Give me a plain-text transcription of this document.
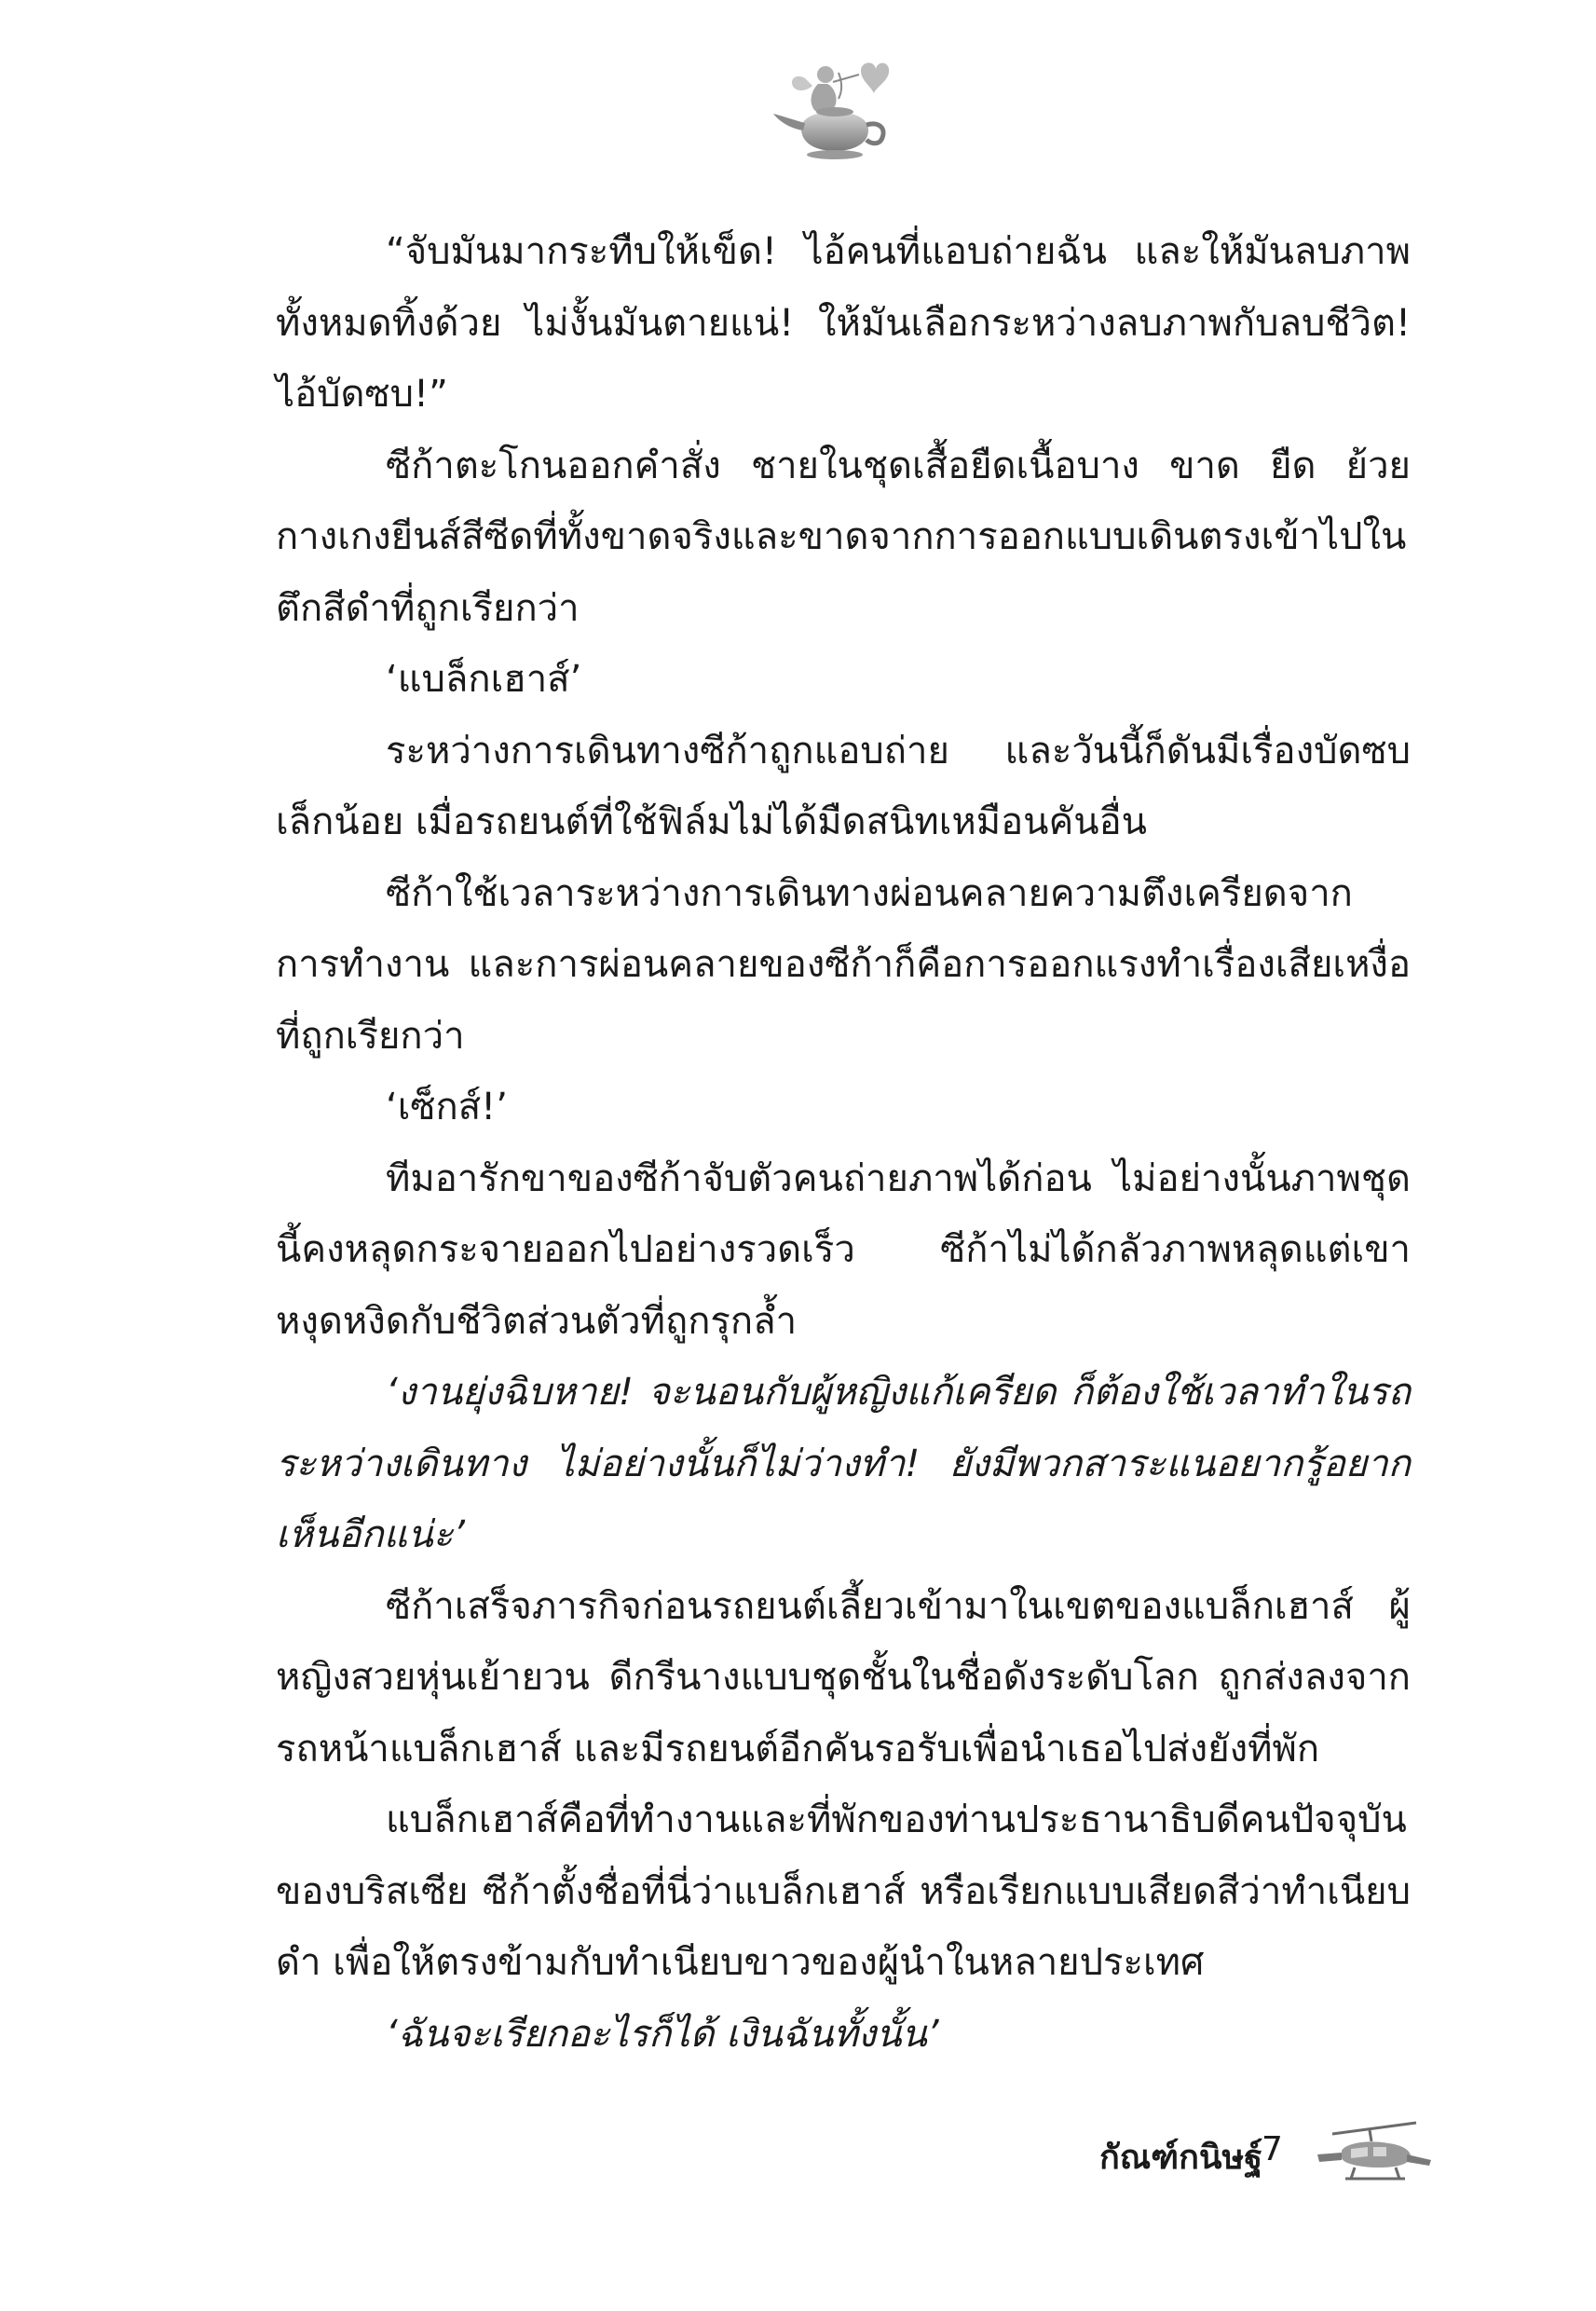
“จับมันมากระทืบให้เข็ด! ไอ้คนที่แอบถ่ายฉัน และให้มันลบภาพทั้งหมดทิ้งด้วย ไม่งั้นมันตายแน่! ให้มันเลือกระหว่างลบภาพกับลบชีวิต! ไอ้บัดซบ!”

ซีก้าตะโกนออกคำสั่ง ชายในชุดเสื้อยืดเนื้อบาง ขาด ยืด ย้วย กางเกงยีนส์สีซีดที่ทั้งขาดจริงและขาดจากการออกแบบเดินตรงเข้าไปในตึกสีดำที่ถูกเรียกว่า

‘แบล็กเฮาส์’

ระหว่างการเดินทางซีก้าถูกแอบถ่าย และวันนี้ก็ดันมีเรื่องบัดซบเล็กน้อย เมื่อรถยนต์ที่ใช้ฟิล์มไม่ได้มืดสนิทเหมือนคันอื่น

ซีก้าใช้เวลาระหว่างการเดินทางผ่อนคลายความตึงเครียดจากการทำงาน และการผ่อนคลายของซีก้าก็คือการออกแรงทำเรื่องเสียเหงื่อที่ถูกเรียกว่า

‘เซ็กส์!’

ทีมอารักขาของซีก้าจับตัวคนถ่ายภาพได้ก่อน ไม่อย่างนั้นภาพชุดนี้คงหลุดกระจายออกไปอย่างรวดเร็ว ซีก้าไม่ได้กลัวภาพหลุดแต่เขาหงุดหงิดกับชีวิตส่วนตัวที่ถูกรุกล้ำ

‘งานยุ่งฉิบหาย! จะนอนกับผู้หญิงแก้เครียด ก็ต้องใช้เวลาทำในรถระหว่างเดินทาง ไม่อย่างนั้นก็ไม่ว่างทำ! ยังมีพวกสาระแนอยากรู้อยากเห็นอีกแน่ะ’

ซีก้าเสร็จภารกิจก่อนรถยนต์เลี้ยวเข้ามาในเขตของแบล็กเฮาส์ ผู้หญิงสวยหุ่นเย้ายวน ดีกรีนางแบบชุดชั้นในชื่อดังระดับโลก ถูกส่งลงจากรถหน้าแบล็กเฮาส์ และมีรถยนต์อีกคันรอรับเพื่อนำเธอไปส่งยังที่พัก

แบล็กเฮาส์คือที่ทำงานและที่พักของท่านประธานาธิบดีคนปัจจุบันของบริสเซีย ซีก้าตั้งชื่อที่นี่ว่าแบล็กเฮาส์ หรือเรียกแบบเสียดสีว่าทำเนียบดำ เพื่อให้ตรงข้ามกับทำเนียบขาวของผู้นำในหลายประเทศ

‘ฉันจะเรียกอะไรก็ได้ เงินฉันทั้งนั้น’

กัณฑ์กนิษฐ์
7
